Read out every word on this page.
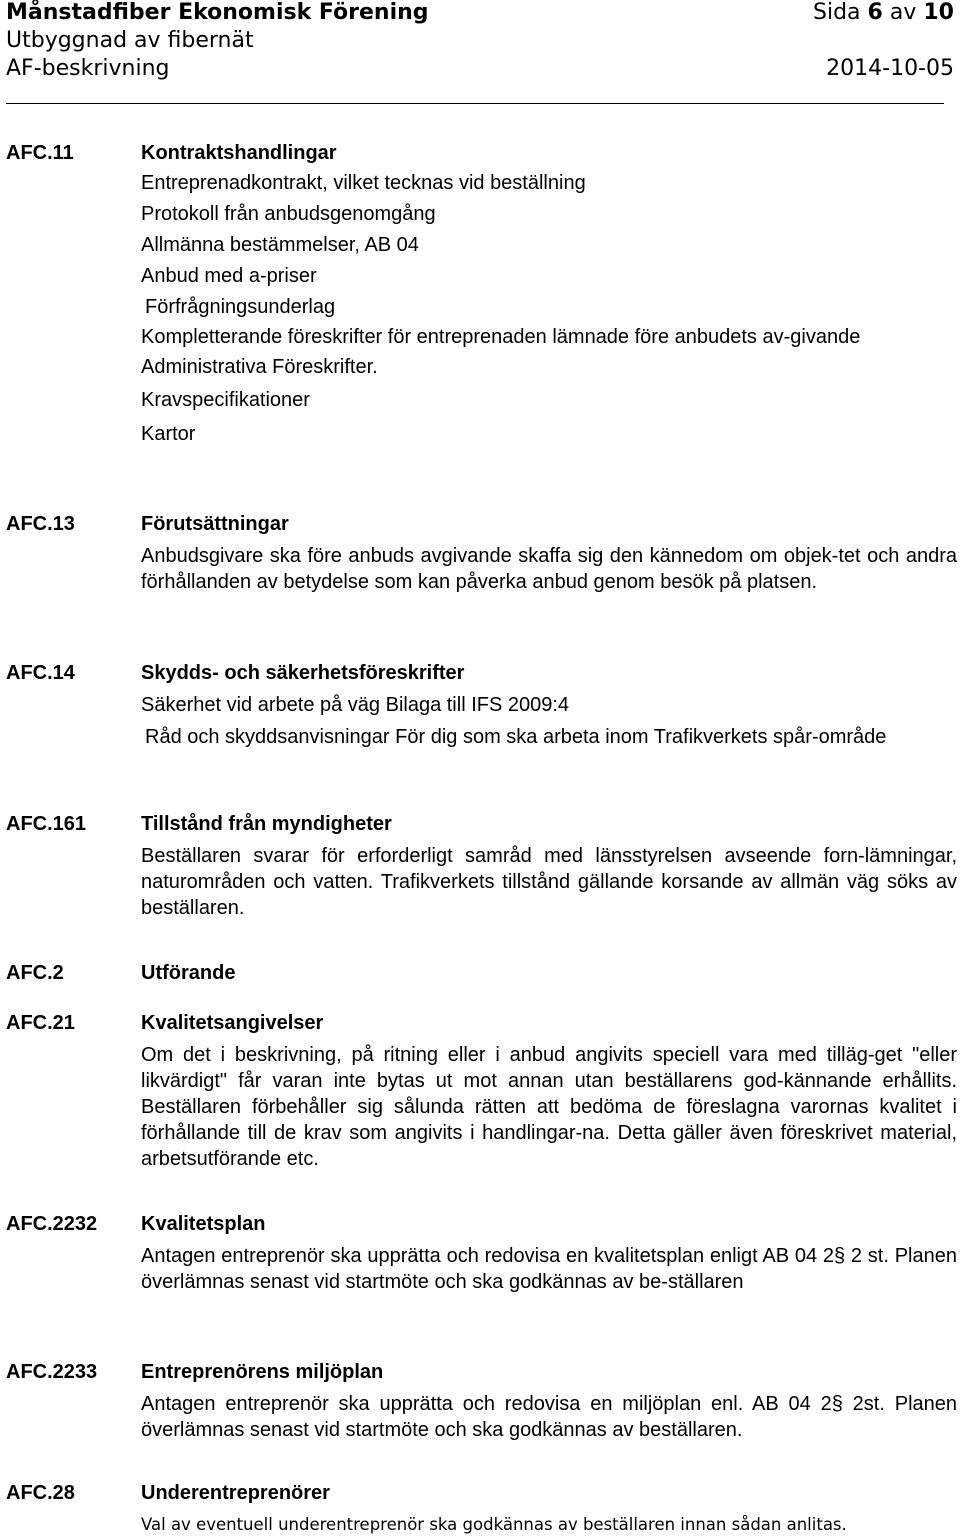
Månstadfiber Ekonomisk Förening	Sida 6 av 10
Utbyggnad av fibernät
AF-beskrivning	2014-10-05
AFC.11	Kontraktshandlingar
Entreprenadkontrakt, vilket tecknas vid beställning
Protokoll från anbudsgenomgång
Allmänna bestämmelser, AB 04
Anbud med a-priser
Förfrågningsunderlag
Kompletterande föreskrifter för entreprenaden lämnade före anbudets av-givande
Administrativa Föreskrifter.
Kravspecifikationer
Kartor
AFC.13	Förutsättningar
Anbudsgivare ska före anbuds avgivande skaffa sig den kännedom om objek-tet och andra förhållanden av betydelse som kan påverka anbud genom besök på platsen.
AFC.14	Skydds- och säkerhetsföreskrifter
Säkerhet vid arbete på väg Bilaga till IFS 2009:4
Råd och skyddsanvisningar För dig som ska arbeta inom Trafikverkets spår-område
AFC.161	Tillstånd från myndigheter
Beställaren svarar för erforderligt samråd med länsstyrelsen avseende forn-lämningar, naturområden och vatten. Trafikverkets tillstånd gällande korsande av allmän väg söks av beställaren.
AFC.2	Utförande
AFC.21	Kvalitetsangivelser
Om det i beskrivning, på ritning eller i anbud angivits speciell vara med tilläg-get "eller likvärdigt" får varan inte bytas ut mot annan utan beställarens god-kännande erhållits. Beställaren förbehåller sig sålunda rätten att bedöma de föreslagna varornas kvalitet i förhållande till de krav som angivits i handlingar-na. Detta gäller även föreskrivet material, arbetsutförande etc.
AFC.2232 Kvalitetsplan
Antagen entreprenör ska upprätta och redovisa en kvalitetsplan enligt AB 04 2§ 2 st. Planen överlämnas senast vid startmöte och ska godkännas av be-ställaren
AFC.2233 Entreprenörens miljöplan
Antagen entreprenör ska upprätta och redovisa en miljöplan enl. AB 04 2§ 2st. Planen överlämnas senast vid startmöte och ska godkännas av beställaren.
AFC.28	Underentreprenörer
Val av eventuell underentreprenör ska godkännas av beställaren innan sådan anlitas.
